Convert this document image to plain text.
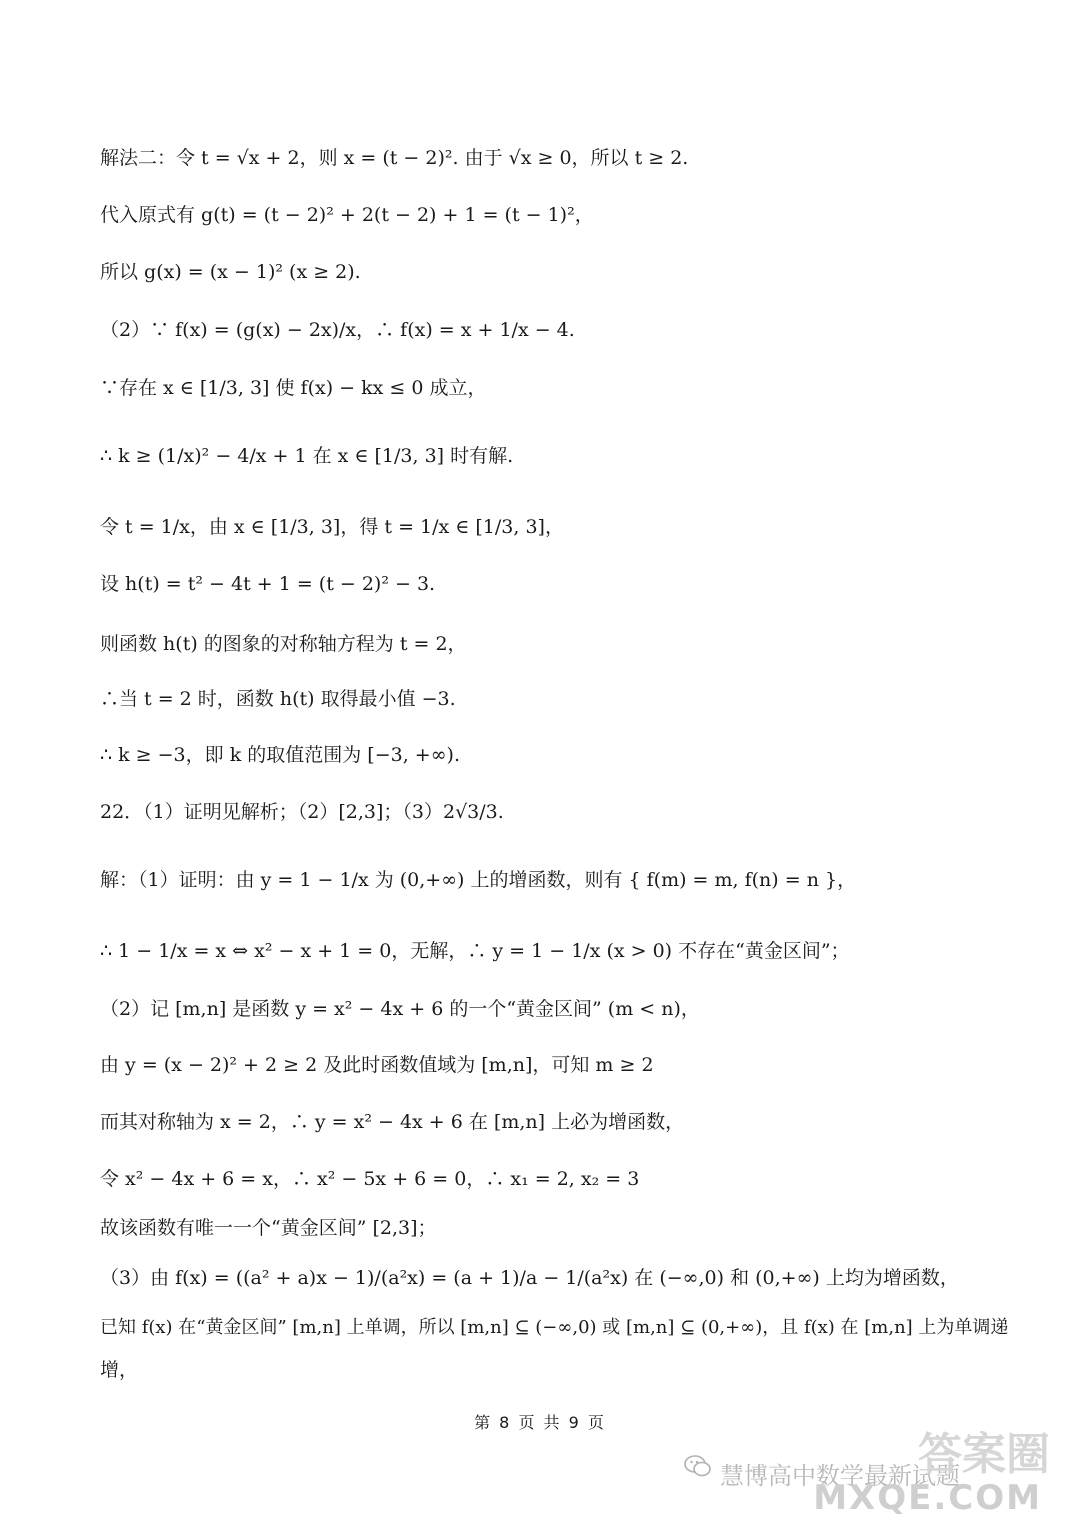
解法二：令 t = √x + 2，则 x = (t − 2)². 由于 √x ≥ 0，所以 t ≥ 2.
代入原式有 g(t) = (t − 2)² + 2(t − 2) + 1 = (t − 1)²，
所以 g(x) = (x − 1)² (x ≥ 2).
（2）∵ f(x) = (g(x) − 2x)/x，∴ f(x) = x + 1/x − 4.
∵存在 x ∈ [1/3, 3] 使 f(x) − kx ≤ 0 成立，
∴ k ≥ (1/x)² − 4/x + 1 在 x ∈ [1/3, 3] 时有解.
令 t = 1/x，由 x ∈ [1/3, 3]，得 t = 1/x ∈ [1/3, 3]，
设 h(t) = t² − 4t + 1 = (t − 2)² − 3.
则函数 h(t) 的图象的对称轴方程为 t = 2，
∴当 t = 2 时，函数 h(t) 取得最小值 −3.
∴ k ≥ −3，即 k 的取值范围为 [−3, +∞).
22．（1）证明见解析；（2）[2,3]；（3）2√3/3.
解：（1）证明：由 y = 1 − 1/x 为 (0,+∞) 上的增函数，则有 { f(m) = m, f(n) = n }，
∴ 1 − 1/x = x ⇔ x² − x + 1 = 0，无解，∴ y = 1 − 1/x (x > 0) 不存在“黄金区间”；
（2）记 [m,n] 是函数 y = x² − 4x + 6 的一个“黄金区间” (m < n)，
由 y = (x − 2)² + 2 ≥ 2 及此时函数值域为 [m,n]，可知 m ≥ 2
而其对称轴为 x = 2，∴ y = x² − 4x + 6 在 [m,n] 上必为增函数，
令 x² − 4x + 6 = x，∴ x² − 5x + 6 = 0，∴ x₁ = 2, x₂ = 3
故该函数有唯一一个“黄金区间” [2,3]；
（3）由 f(x) = ((a² + a)x − 1)/(a²x) = (a + 1)/a − 1/(a²x) 在 (−∞,0) 和 (0,+∞) 上均为增函数，
已知 f(x) 在“黄金区间” [m,n] 上单调，所以 [m,n] ⊆ (−∞,0) 或 [m,n] ⊆ (0,+∞)，且 f(x) 在 [m,n] 上为单调递
增，
第 8 页 共 9 页
慧博高中数学最新试题
答案圈
MXQE.COM
